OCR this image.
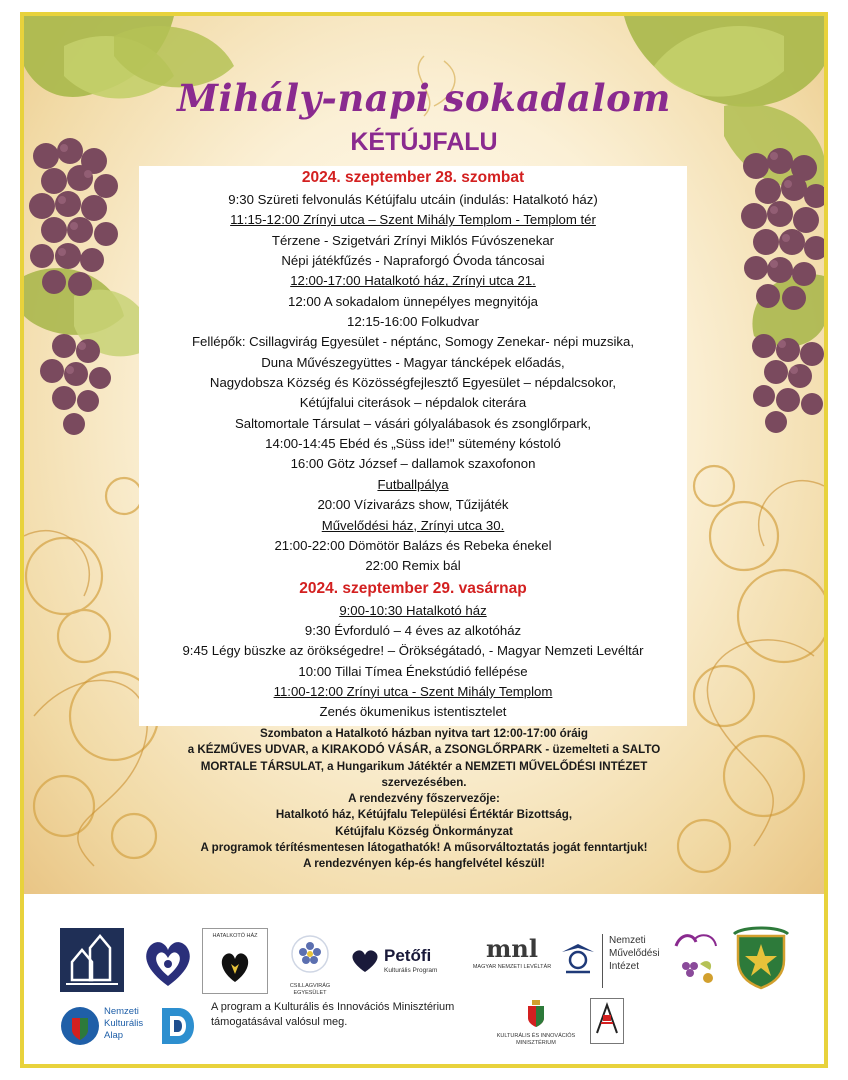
Mihály-napi sokadalom
KÉTÚJFALU
2024. szeptember 28. szombat
9:30 Szüreti felvonulás Kétújfalu utcáin (indulás: Hatalkotó ház)
11:15-12:00 Zrínyi utca – Szent Mihály Templom - Templom tér
Térzene - Szigetvári Zrínyi Miklós Fúvószenekar
Népi játékfűzés - Napraforgó Óvoda táncosai
12:00-17:00 Hatalkotó ház, Zrínyi utca 21.
12:00 A sokadalom ünnepélyes megnyitója
12:15-16:00 Folkudvar
Fellépők: Csillagvirág Egyesület - néptánc, Somogy Zenekar- népi muzsika,
Duna Művészegyüttes - Magyar táncképek előadás,
Nagydobsza Község és Közösségfejlesztő Egyesület – népdalcsokor,
Kétújfalui citerások – népdalok citerára
Saltomortale Társulat – vásári gólyalábasok és zsonglőrpark,
14:00-14:45 Ebéd és „Süss ide!" sütemény kóstoló
16:00 Götz József – dallamok szaxofonon
Futballpálya
20:00 Vízivarázs show, Tűzijáték
Művelődési ház, Zrínyi utca 30.
21:00-22:00 Dömötör Balázs és Rebeka énekel
22:00 Remix bál
2024. szeptember 29. vasárnap
9:00-10:30 Hatalkotó ház
9:30 Évforduló – 4 éves az alkotóház
9:45 Légy büszke az örökségedre! – Örökségátadó, - Magyar Nemzeti Levéltár
10:00 Tillai Tímea Énekstúdió fellépése
11:00-12:00 Zrínyi utca - Szent Mihály Templom
Zenés ökumenikus istentisztelet
Szombaton a Hatalkotó házban nyitva tart 12:00-17:00 óráig
a KÉZMŰVES UDVAR, a KIRAKODÓ VÁSÁR, a ZSONGLŐRPARK - üzemelteti a SALTO
MORTALE TÁRSULAT, a Hungarikum Játéktér a NEMZETI MŰVELŐDÉSI INTÉZET
szervezésében.
A rendezvény főszervezője:
Hatalkotó ház, Kétújfalu Települési Értéktár Bizottság,
Kétújfalu Község Önkormányzat
A programok térítésmentesen látogathatók! A műsorváltoztatás jogát fenntartjuk!
A rendezvényen kép-és hangfelvétel készül!
HATALKOTÓ HÁZ
CSILLAGVIRÁG EGYESÜLET
Petőfi
Kulturális Program
mnl
MAGYAR NEMZETI LEVÉLTÁR
Nemzeti
Művelődési
Intézet
Nemzeti
Kulturális
Alap
A program a Kulturális és Innovációs Minisztérium
támogatásával valósul meg.
KULTURÁLIS ÉS INNOVÁCIÓS
MINISZTÉRIUM
